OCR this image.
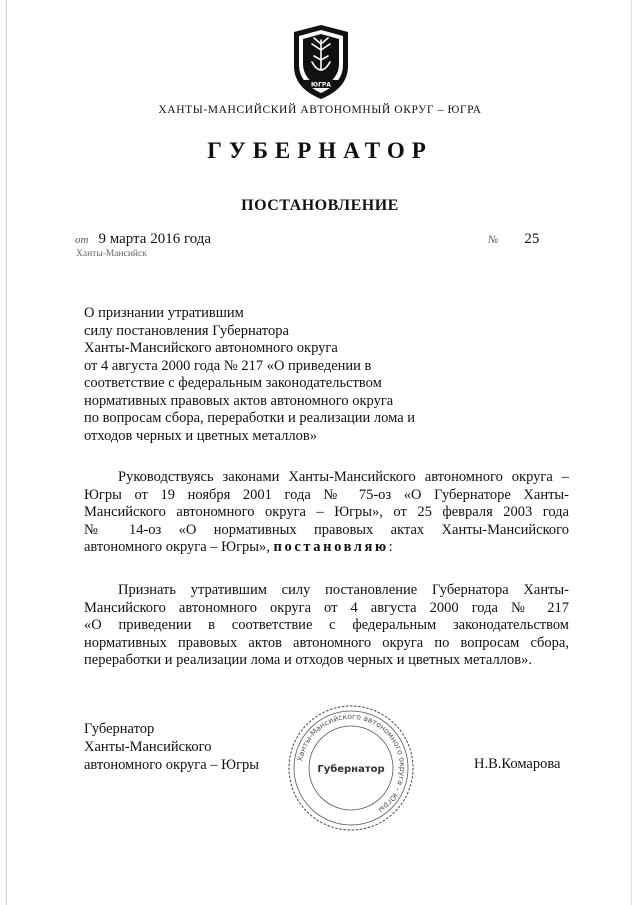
ЮГРА
ХАНТЫ-МАНСИЙСКИЙ АВТОНОМНЫЙ ОКРУГ – ЮГРА
ГУБЕРНАТОР
ПОСТАНОВЛЕНИЕ
от 9 марта 2016 года	№ 25
Ханты-Мансийск
О признании утратившим
силу постановления Губернатора
Ханты-Мансийского автономного округа
от 4 августа 2000 года № 217 «О приведении в
соответствие с федеральным законодательством
нормативных правовых актов автономного округа
по вопросам сбора, переработки и реализации лома и
отходов черных и цветных металлов»
Руководствуясь законами Ханты-Мансийского автономного округа –
Югры от 19 ноября 2001 года № 75-оз «О Губернаторе Ханты-
Мансийского автономного округа – Югры», от 25 февраля 2003 года
№ 14-оз «О нормативных правовых актах Ханты-Мансийского
автономного округа – Югры», постановляю:
Признать утратившим силу постановление Губернатора Ханты-
Мансийского автономного округа от 4 августа 2000 года № 217
«О приведении в соответствие с федеральным законодательством
нормативных правовых актов автономного округа по вопросам сбора,
переработки и реализации лома и отходов черных и цветных металлов».
Губернатор
Ханты-Мансийского
автономного округа – Югры	Ханты-Мансийского автономного округа – Югры
Губернатор	Н.В.Комарова
